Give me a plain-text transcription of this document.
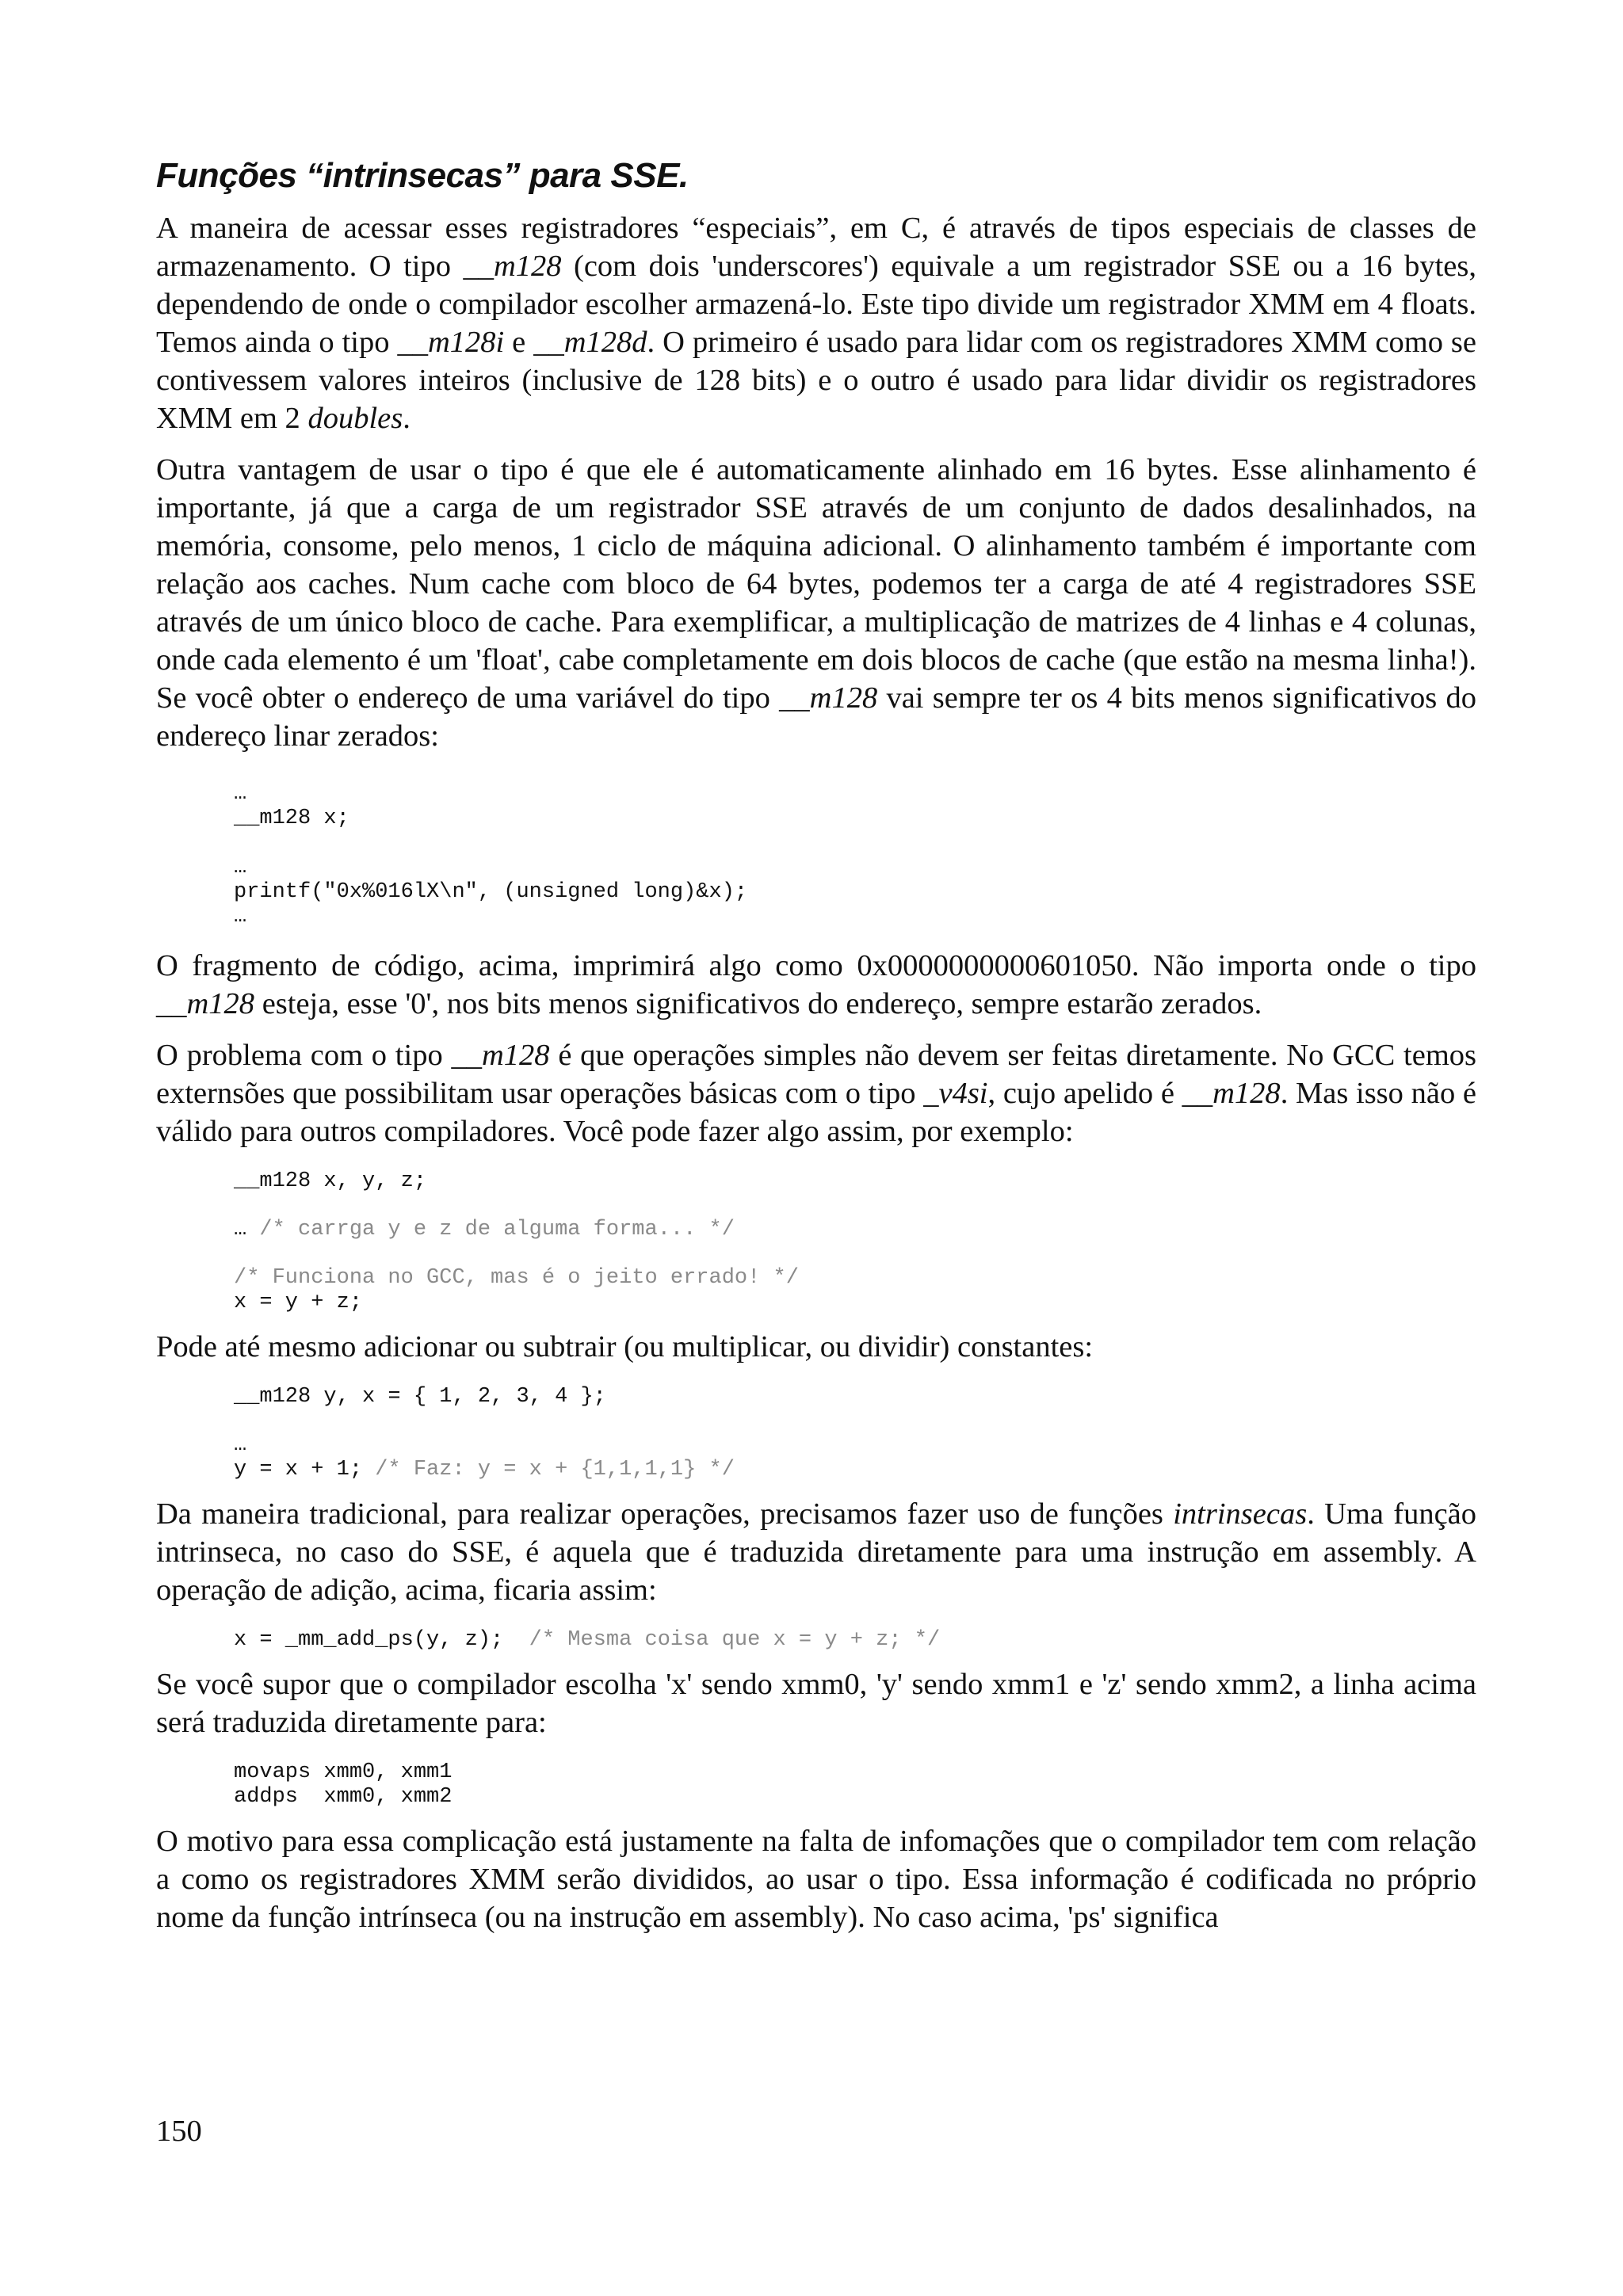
Funções “intrinsecas” para SSE.

A maneira de acessar esses registradores “especiais”, em C, é através de tipos especiais de classes de armazenamento. O tipo __m128 (com dois 'underscores') equivale a um registrador SSE ou a 16 bytes, dependendo de onde o compilador escolher armazená-lo. Este tipo divide um registrador XMM em 4 floats. Temos ainda o tipo __m128i e __m128d. O primeiro é usado para lidar com os registradores XMM como se contivessem valores inteiros (inclusive de 128 bits) e o outro é usado para lidar dividir os registradores XMM em 2 doubles.

Outra vantagem de usar o tipo é que ele é automaticamente alinhado em 16 bytes. Esse alinhamento é importante, já que a carga de um registrador SSE através de um conjunto de dados desalinhados, na memória, consome, pelo menos, 1 ciclo de máquina adicional. O alinhamento também é importante com relação aos caches. Num cache com bloco de 64 bytes, podemos ter a carga de até 4 registradores SSE através de um único bloco de cache. Para exemplificar, a multiplicação de matrizes de 4 linhas e 4 colunas, onde cada elemento é um 'float', cabe completamente em dois blocos de cache (que estão na mesma linha!). Se você obter o endereço de uma variável do tipo __m128 vai sempre ter os 4 bits menos significativos do endereço linar zerados:

…
__m128 x;

…
printf("0x%016lX\n", (unsigned long)&x);
…

O fragmento de código, acima, imprimirá algo como 0x0000000000601050. Não importa onde o tipo __m128 esteja, esse '0', nos bits menos significativos do endereço, sempre estarão zerados.

O problema com o tipo __m128 é que operações simples não devem ser feitas diretamente. No GCC temos externsões que possibilitam usar operações básicas com o tipo _v4si, cujo apelido é __m128. Mas isso não é válido para outros compiladores. Você pode fazer algo assim, por exemplo:

__m128 x, y, z;
… /* carrga y e z de alguma forma... */
/* Funciona no GCC, mas é o jeito errado! */
x = y + z;

Pode até mesmo adicionar ou subtrair (ou multiplicar, ou dividir) constantes:

__m128 y, x = { 1, 2, 3, 4 };
…
y = x + 1; /* Faz: y = x + {1,1,1,1} */

Da maneira tradicional, para realizar operações, precisamos fazer uso de funções intrinsecas. Uma função intrinseca, no caso do SSE, é aquela que é traduzida diretamente para uma instrução em assembly. A operação de adição, acima, ficaria assim:

x = _mm_add_ps(y, z);  /* Mesma coisa que x = y + z; */

Se você supor que o compilador escolha 'x' sendo xmm0, 'y' sendo xmm1 e 'z' sendo xmm2, a linha acima será traduzida diretamente para:

movaps xmm0, xmm1
addps  xmm0, xmm2

O motivo para essa complicação está justamente na falta de infomações que o compilador tem com relação a como os registradores XMM serão divididos, ao usar o tipo. Essa informação é codificada no próprio nome da função intrínseca (ou na instrução em assembly). No caso acima, 'ps' significa

150
